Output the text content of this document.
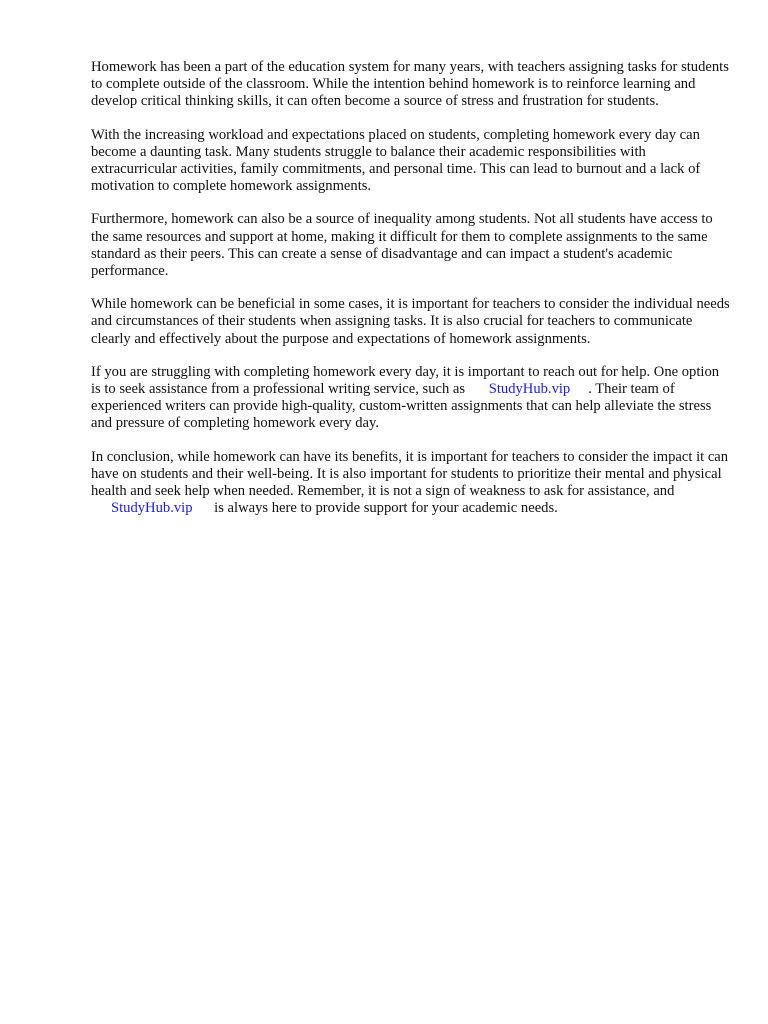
Homework has been a part of the education system for many years, with teachers assigning tasks for students to complete outside of the classroom. While the intention behind homework is to reinforce learning and develop critical thinking skills, it can often become a source of stress and frustration for students.

With the increasing workload and expectations placed on students, completing homework every day can become a daunting task. Many students struggle to balance their academic responsibilities with extracurricular activities, family commitments, and personal time. This can lead to burnout and a lack of motivation to complete homework assignments.

Furthermore, homework can also be a source of inequality among students. Not all students have access to the same resources and support at home, making it difficult for them to complete assignments to the same standard as their peers. This can create a sense of disadvantage and can impact a student's academic performance.

While homework can be beneficial in some cases, it is important for teachers to consider the individual needs and circumstances of their students when assigning tasks. It is also crucial for teachers to communicate clearly and effectively about the purpose and expectations of homework assignments.

If you are struggling with completing homework every day, it is important to reach out for help. One option is to seek assistance from a professional writing service, such as StudyHub.vip . Their team of experienced writers can provide high-quality, custom-written assignments that can help alleviate the stress and pressure of completing homework every day.

In conclusion, while homework can have its benefits, it is important for teachers to consider the impact it can have on students and their well-being. It is also important for students to prioritize their mental and physical health and seek help when needed. Remember, it is not a sign of weakness to ask for assistance, and StudyHub.vip is always here to provide support for your academic needs.
